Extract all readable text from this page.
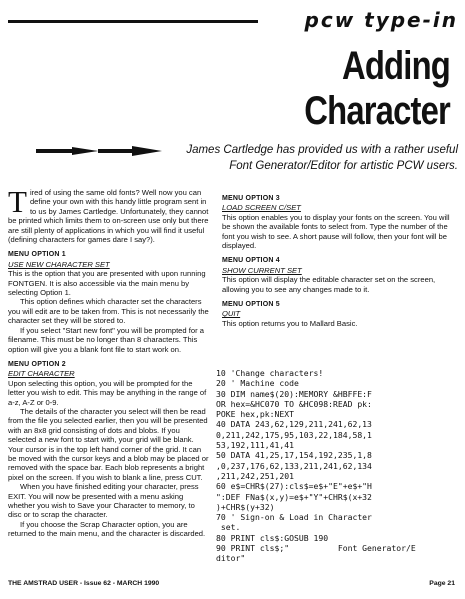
pcw type-in
Adding Character
James Cartledge has provided us with a rather useful Font Generator/Editor for artistic PCW users.

Tired of using the same old fonts? Well now you can define your own with this handy little program sent in to us by James Cartledge. Unfortunately, they cannot be printed which limits them to on-screen use only but there are still plenty of applications in which you will find it useful (defining characters for games dare I say?).

MENU OPTION 1

USE NEW CHARACTER SET

This is the option that you are presented with upon running FONTGEN. It is also accessible via the main menu by selecting Option 1.

This option defines which character set the characters you will edit are to be taken from. This is not necessarily the character set they will be stored to.

If you select "Start new font" you will be prompted for a filename. This must be no longer than 8 characters. This option will give you a blank font file to start work on.

MENU OPTION 2

EDIT CHARACTER

Upon selecting this option, you will be prompted for the letter you wish to edit. This may be anything in the range of a-z, A-Z or 0-9.

The details of the character you select will then be read from the file you selected earlier, then you will be presented with an 8x8 grid consisting of dots and blobs. If you selected a new font to start with, your grid will be blank. Your cursor is in the top left hand corner of the grid. It can be moved with the cursor keys and a blob may be placed or removed with the space bar. Each blob represents a bright pixel on the screen. If you wish to blank a line, press CUT.

When you have finished editing your character, press EXIT. You will now be presented with a menu asking whether you wish to Save your Character to memory, to disc or to scrap the character.

If you choose the Scrap Character option, you are returned to the main menu, and the character is discarded.

MENU OPTION 3

LOAD SCREEN C/SET

This option enables you to display your fonts on the screen. You will be shown the available fonts to select from. Type the number of the font you wish to see. A short pause will follow, then your font will be displayed.

MENU OPTION 4

SHOW CURRENT SET

This option will display the editable character set on the screen, allowing you to see any changes made to it.

MENU OPTION 5

QUIT

This option returns you to Mallard Basic.

10 'Change characters!
20 ' Machine code
30 DIM name$(20):MEMORY &HBFFE:F
OR hex=&HC070 TO &HC098:READ pk:
POKE hex,pk:NEXT
40 DATA 243,62,129,211,241,62,13
0,211,242,175,95,103,22,184,58,1
53,192,111,41,41
50 DATA 41,25,17,154,192,235,1,8
,0,237,176,62,133,211,241,62,134
,211,242,251,201
60 e$=CHR$(27):cls$=e$+"E"+e$+"H
":DEF FNa$(x,y)=e$+"Y"+CHR$(x+32
)+CHR$(y+32)
70 ' Sign-on & Load in Character
set.
80 PRINT cls$:GOSUB 190
90 PRINT cls$;"          Font Generator/E
ditor"
THE AMSTRAD USER - Issue 62 - MARCH 1990	Page 21
